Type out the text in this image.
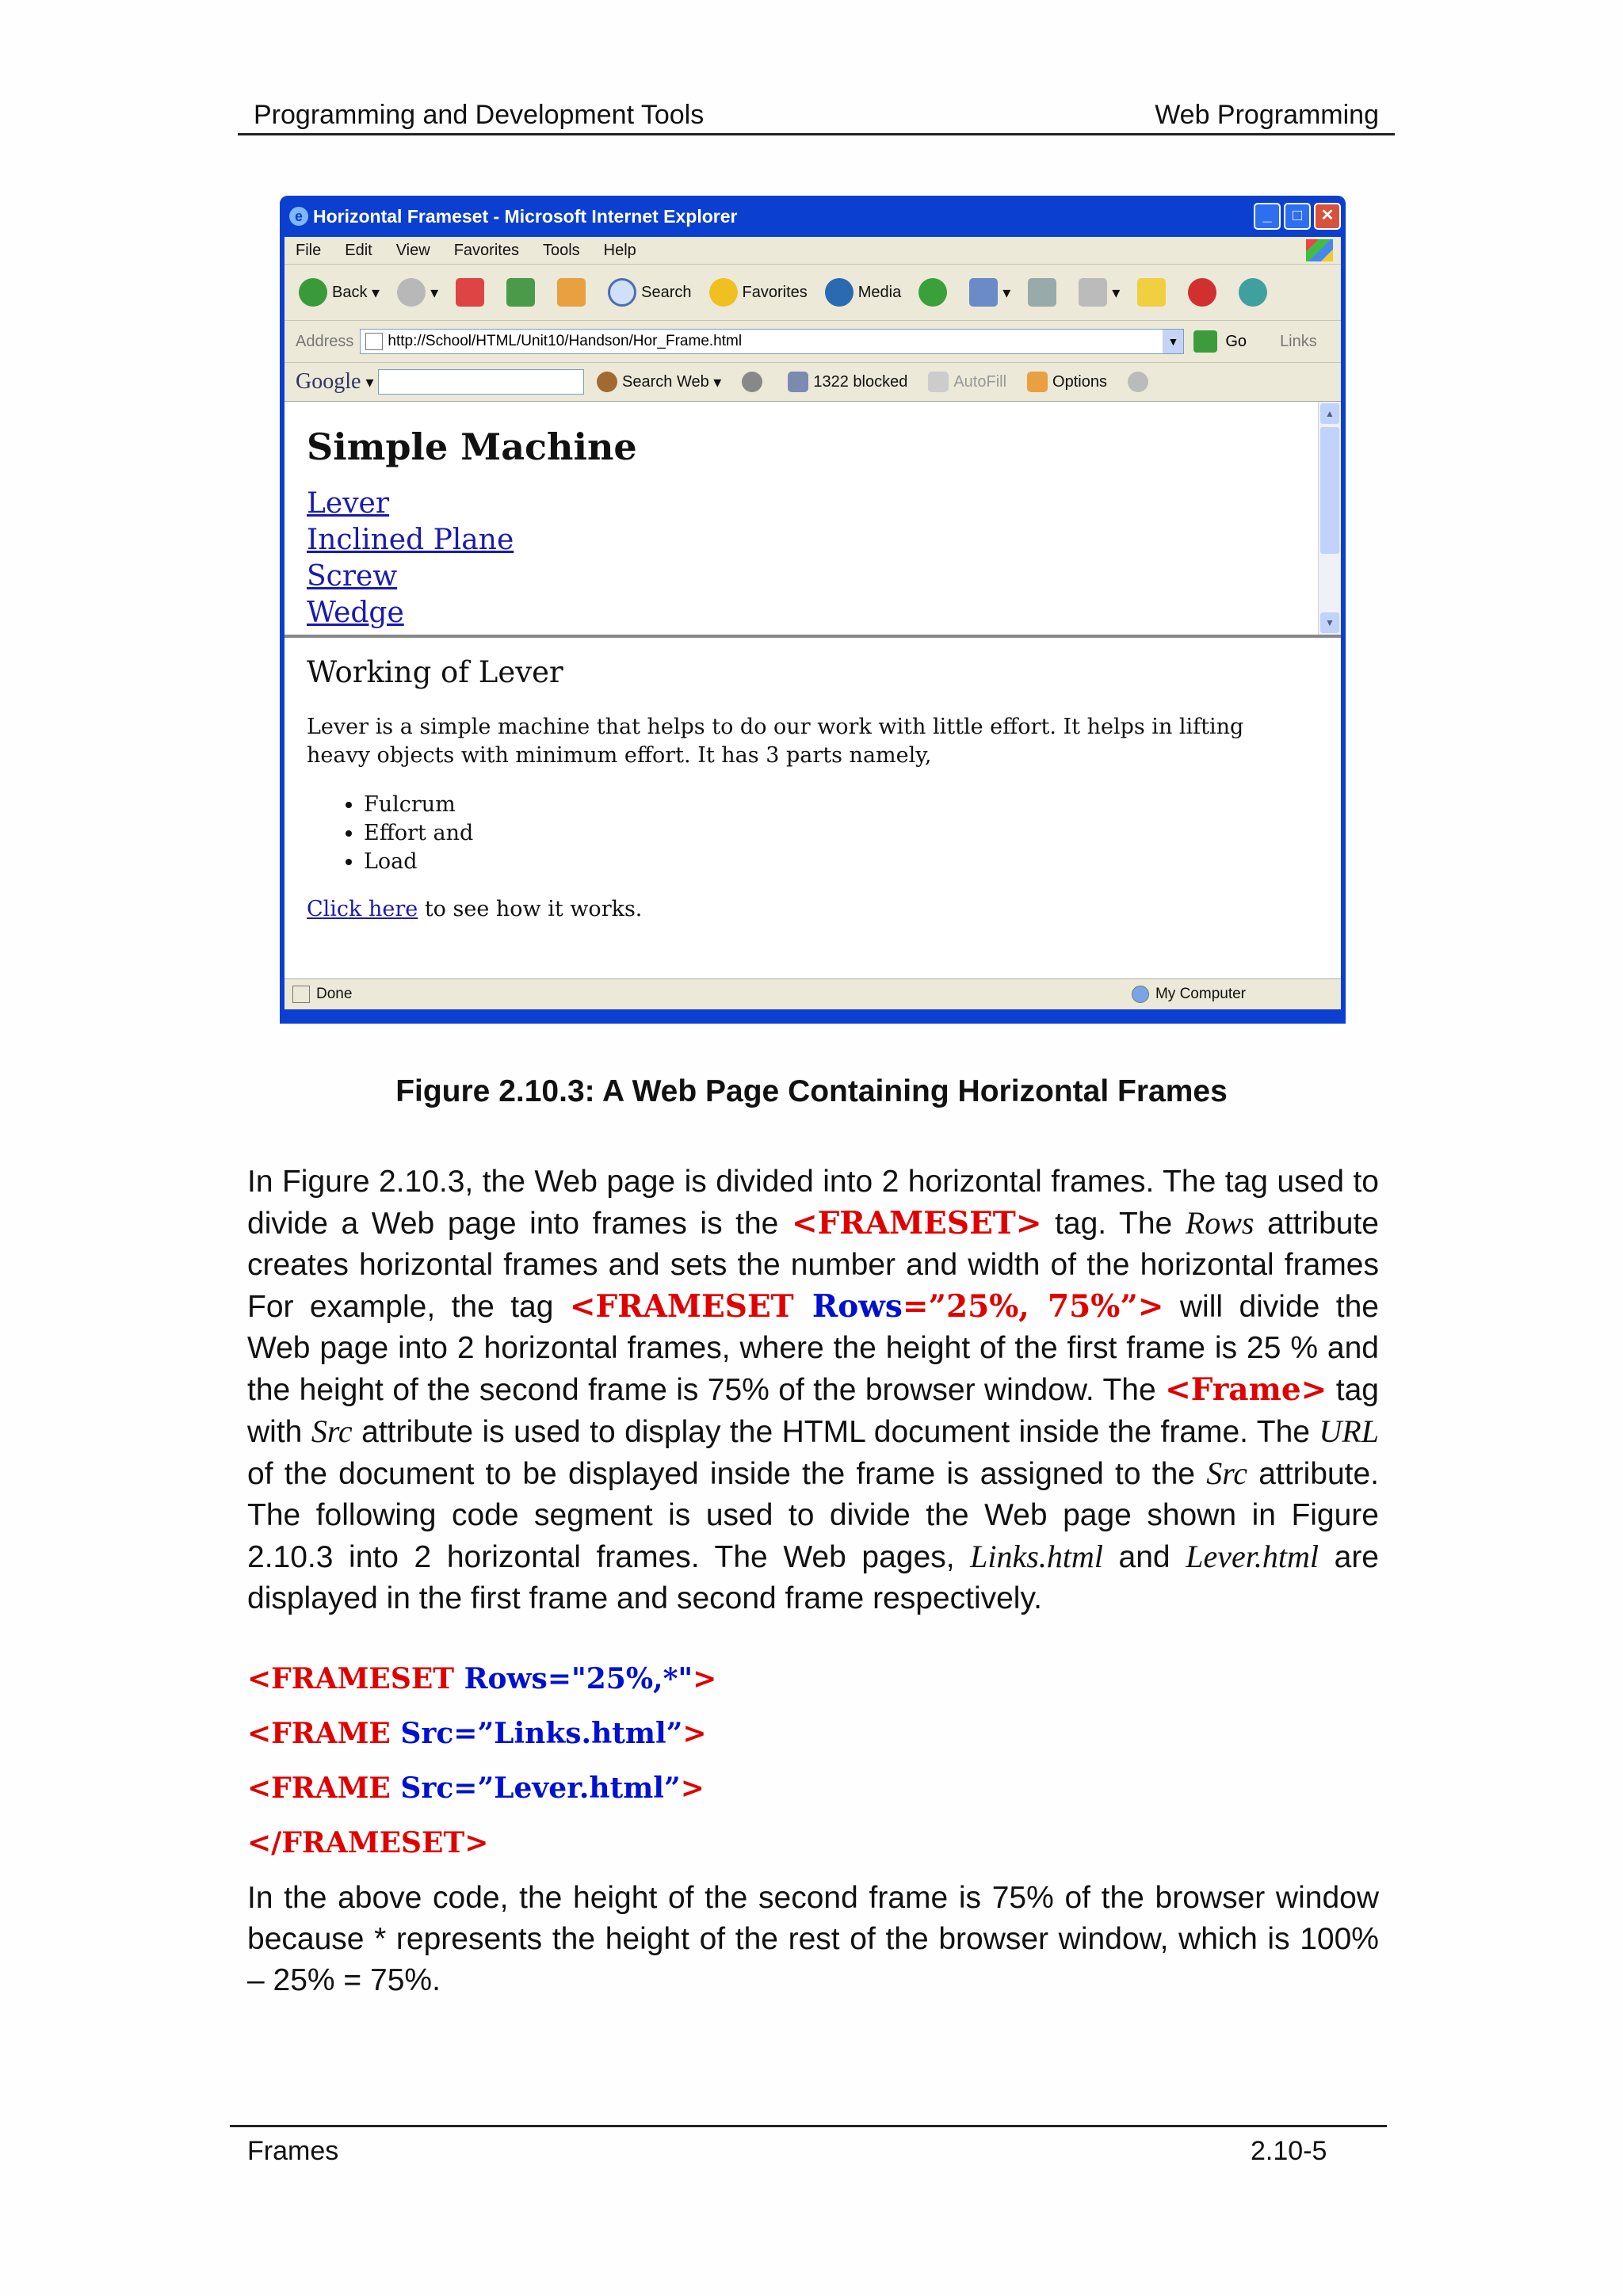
Programming and Development Tools	Web Programming
e Horizontal Frameset - Microsoft Internet Explorer	_	□	✕
File Edit View Favorites Tools Help
Back ▾	▾	Search	Favorites	Media	▾	▾
Address http://School/HTML/Unit10/Handson/Hor_Frame.html	▼	Go Links
Google ▾	Search Web ▾	1322 blocked	AutoFill	Options
Simple Machine
Lever
Inclined Plane
Screw
Wedge
▲
▼
Working of Lever

Lever is a simple machine that helps to do our work with little effort. It helps in lifting heavy objects with minimum effort. It has 3 parts namely,

• Fulcrum
• Effort and
• Load
Click here to see how it works.
Done	My Computer
Figure 2.10.3: A Web Page Containing Horizontal Frames

In Figure 2.10.3, the Web page is divided into 2 horizontal frames. The tag used to divide a Web page into frames is the <FRAMESET> tag. The Rows attribute creates horizontal frames and sets the number and width of the horizontal frames For example, the tag <FRAMESET Rows=”25%, 75%”> will divide the Web page into 2 horizontal frames, where the height of the first frame is 25 % and the height of the second frame is 75% of the browser window. The <Frame> tag with Src attribute is used to display the HTML document inside the frame. The URL of the document to be displayed inside the frame is assigned to the Src attribute. The following code segment is used to divide the Web page shown in Figure 2.10.3 into 2 horizontal frames. The Web pages, Links.html and Lever.html are displayed in the first frame and second frame respectively.

<FRAMESET Rows="25%,*">
<FRAME Src=”Links.html”>
<FRAME Src=”Lever.html”>
</FRAMESET>

In the above code, the height of the second frame is 75% of the browser window because * represents the height of the rest of the browser window, which is 100% – 25% = 75%.

Frames	2.10-5
